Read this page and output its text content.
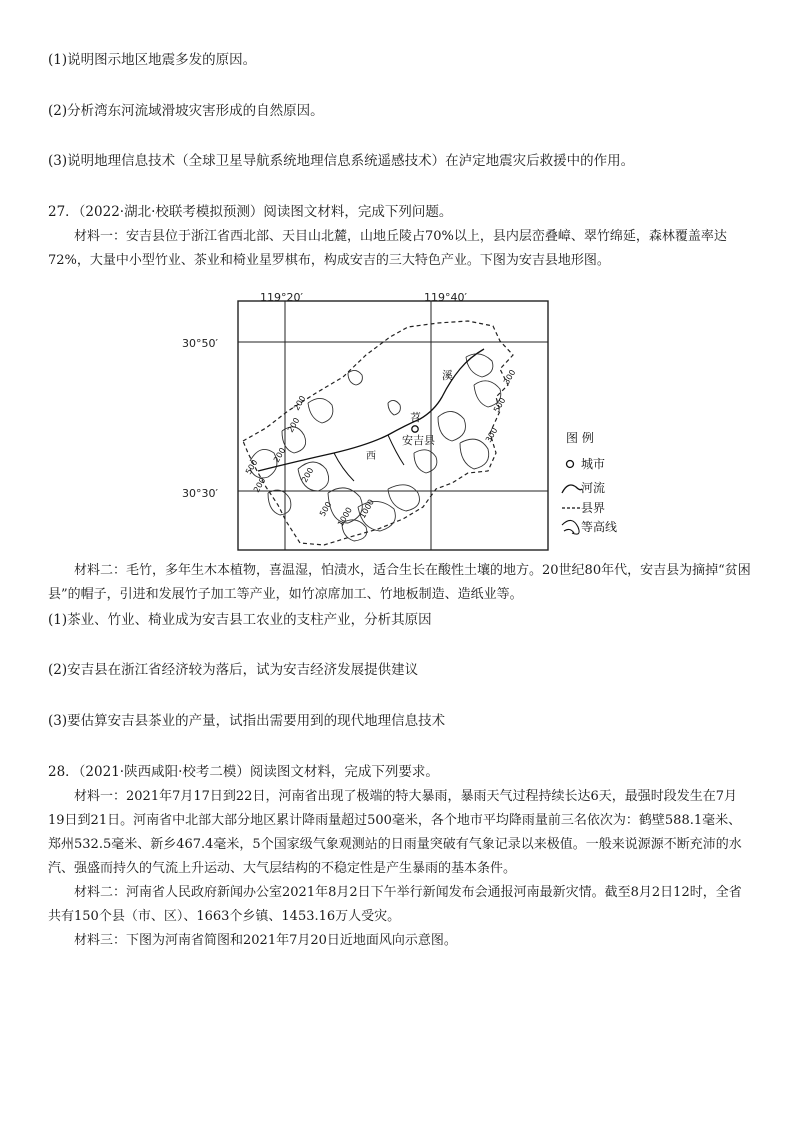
(1)说明图示地区地震多发的原因。
(2)分析湾东河流域滑坡灾害形成的自然原因。
(3)说明地理信息技术（全球卫星导航系统地理信息系统遥感技术）在泸定地震灾后救援中的作用。
27．（2022·湖北·校联考模拟预测）阅读图文材料，完成下列问题。
材料一：安吉县位于浙江省西北部、天目山北麓，山地丘陵占70%以上，县内层峦叠嶂、翠竹绵延，森林覆盖率达72%，大量中小型竹业、茶业和椅业星罗棋布，构成安吉的三大特色产业。下图为安吉县地形图。
119°20′	119°40′
30°50′
30°30′
安吉县
溪
苕
西
300
300
500
200
200
200
200
200
500
500 1000 1000
图 例
城市
河流
县界
等高线
材料二：毛竹，多年生木本植物，喜温湿，怕渍水，适合生长在酸性土壤的地方。20世纪80年代，安吉县为摘掉“贫困县”的帽子，引进和发展竹子加工等产业，如竹凉席加工、竹地板制造、造纸业等。
(1)茶业、竹业、椅业成为安吉县工农业的支柱产业，分析其原因
(2)安吉县在浙江省经济较为落后，试为安吉经济发展提供建议
(3)要估算安吉县茶业的产量，试指出需要用到的现代地理信息技术
28．（2021·陕西咸阳·校考二模）阅读图文材料，完成下列要求。
材料一：2021年7月17日到22日，河南省出现了极端的特大暴雨，暴雨天气过程持续长达6天，最强时段发生在7月19日到21日。河南省中北部大部分地区累计降雨量超过500毫米，各个地市平均降雨量前三名依次为：鹤壁588.1毫米、郑州532.5毫米、新乡467.4毫米，5个国家级气象观测站的日雨量突破有气象记录以来极值。一般来说源源不断充沛的水汽、强盛而持久的气流上升运动、大气层结构的不稳定性是产生暴雨的基本条件。
材料二：河南省人民政府新闻办公室2021年8月2日下午举行新闻发布会通报河南最新灾情。截至8月2日12时，全省共有150个县（市、区）、1663个乡镇、1453.16万人受灾。
材料三：下图为河南省简图和2021年7月20日近地面风向示意图。
